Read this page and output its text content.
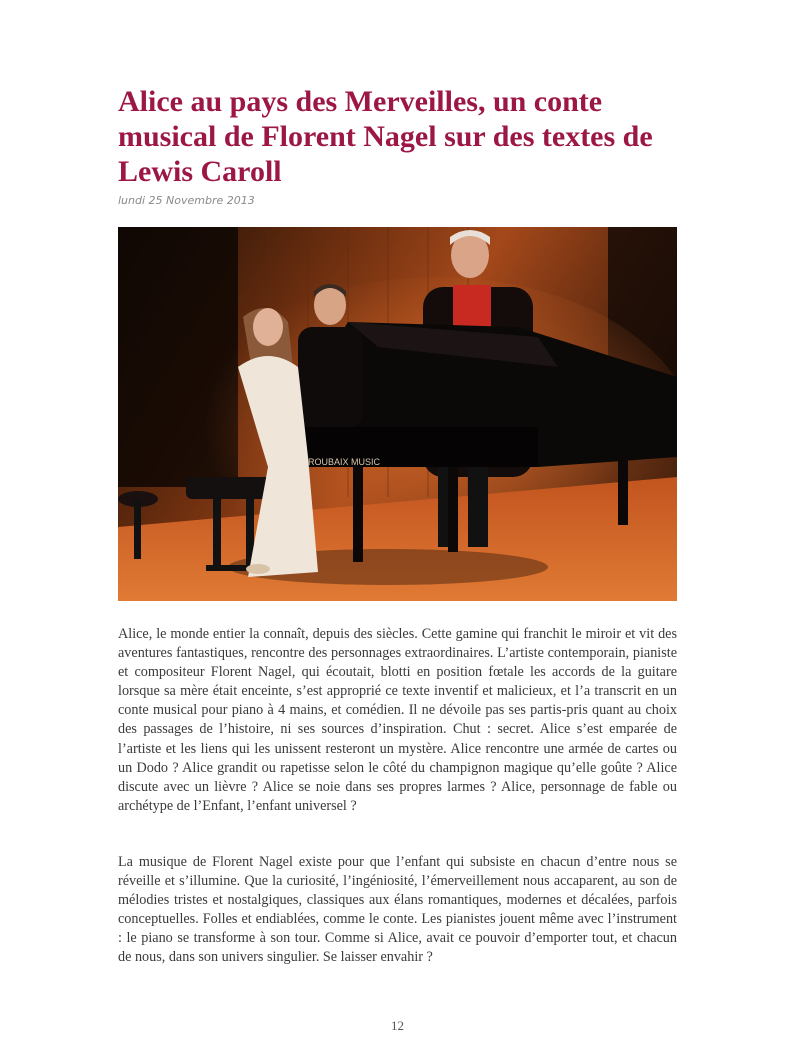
Alice au pays des Merveilles, un conte musical de Florent Nagel sur des textes de Lewis Caroll
lundi 25 Novembre 2013
ROUBAIX MUSIC

Alice, le monde entier la connaît, depuis des siècles. Cette gamine qui franchit le miroir et vit des aventures fantastiques, rencontre des personnages extraordinaires. L’artiste contemporain, pianiste et compositeur Florent Nagel, qui écoutait, blotti en position fœtale les accords de la guitare lorsque sa mère était enceinte, s’est approprié ce texte inventif et malicieux, et l’a transcrit en un conte musical pour piano à 4 mains, et comédien. Il ne dévoile pas ses partis-pris quant au choix des passages de l’histoire, ni ses sources d’inspiration. Chut : secret. Alice s’est emparée de l’artiste et les liens qui les unissent resteront un mystère. Alice rencontre une armée de cartes ou un Dodo ? Alice grandit ou rapetisse selon le côté du champignon magique qu’elle goûte ? Alice discute avec un lièvre ? Alice se noie dans ses propres larmes ? Alice, personnage de fable ou archétype de l’Enfant, l’enfant universel ?

La musique de Florent Nagel existe pour que l’enfant qui subsiste en chacun d’entre nous se réveille et s’illumine. Que la curiosité, l’ingéniosité, l’émerveillement nous accaparent, au son de mélodies tristes et nostalgiques, classiques aux élans romantiques, modernes et décalées, parfois conceptuelles. Folles et endiablées, comme le conte. Les pianistes jouent même avec l’instrument : le piano se transforme à son tour. Comme si Alice, avait ce pouvoir d’emporter tout, et chacun de nous, dans son univers singulier. Se laisser envahir ?

12
